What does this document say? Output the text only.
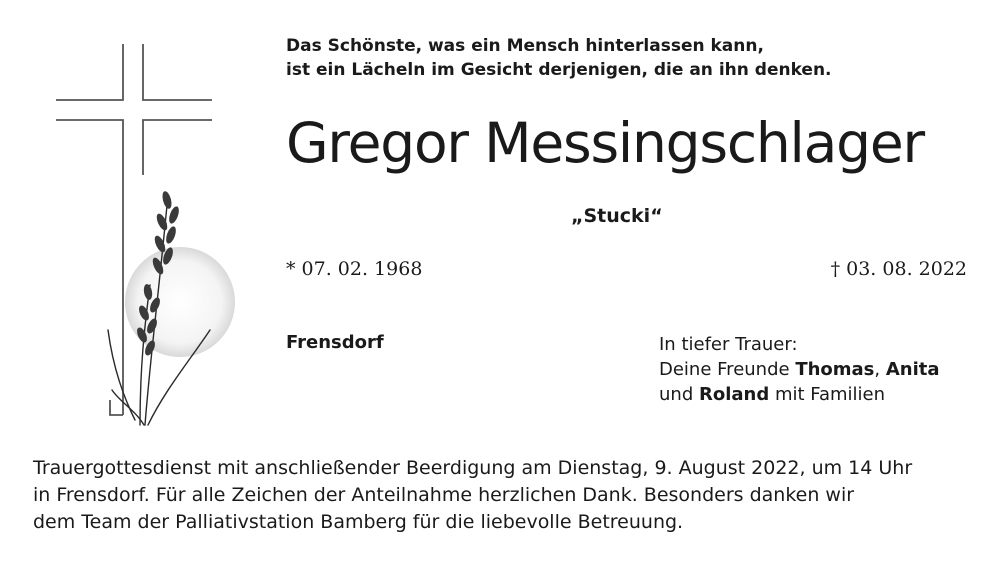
Das Schönste, was ein Mensch hinterlassen kann,
ist ein Lächeln im Gesicht derjenigen, die an ihn denken.
Gregor Messingschlager
„Stucki“
* 07. 02. 1968	† 03. 08. 2022
Frensdorf	In tiefer Trauer:
Deine Freunde Thomas, Anita
und Roland mit Familien
Trauergottesdienst mit anschließender Beerdigung am Dienstag, 9. August 2022, um 14 Uhr
in Frensdorf. Für alle Zeichen der Anteilnahme herzlichen Dank. Besonders danken wir
dem Team der Palliativstation Bamberg für die liebevolle Betreuung.
